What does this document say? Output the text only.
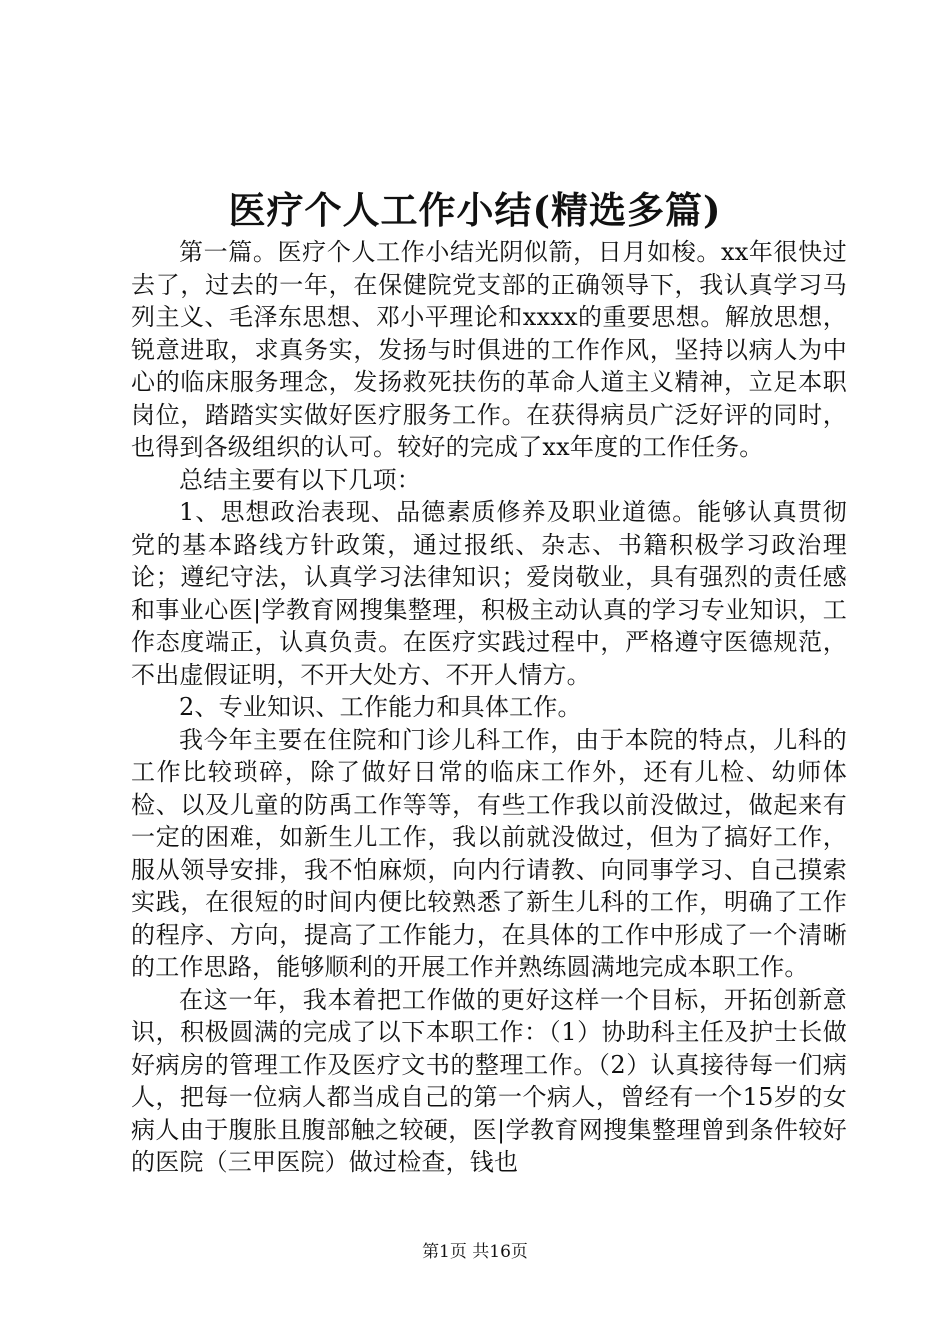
医疗个人工作小结(精选多篇)

第一篇。医疗个人工作小结光阴似箭，日月如梭。xx年很快过去了，过去的一年，在保健院党支部的正确领导下，我认真学习马列主义、毛泽东思想、邓小平理论和xxxx的重要思想。解放思想，锐意进取，求真务实，发扬与时俱进的工作作风，坚持以病人为中心的临床服务理念，发扬救死扶伤的革命人道主义精神，立足本职岗位，踏踏实实做好医疗服务工作。在获得病员广泛好评的同时，也得到各级组织的认可。较好的完成了xx年度的工作任务。

总结主要有以下几项：

1、思想政治表现、品德素质修养及职业道德。能够认真贯彻党的基本路线方针政策，通过报纸、杂志、书籍积极学习政治理论；遵纪守法，认真学习法律知识；爱岗敬业，具有强烈的责任感和事业心医|学教育网搜集整理，积极主动认真的学习专业知识，工作态度端正，认真负责。在医疗实践过程中，严格遵守医德规范，不出虚假证明，不开大处方、不开人情方。

2、专业知识、工作能力和具体工作。

我今年主要在住院和门诊儿科工作，由于本院的特点，儿科的工作比较琐碎，除了做好日常的临床工作外，还有儿检、幼师体检、以及儿童的防禹工作等等，有些工作我以前没做过，做起来有一定的困难，如新生儿工作，我以前就没做过，但为了搞好工作，服从领导安排，我不怕麻烦，向内行请教、向同事学习、自己摸索实践，在很短的时间内便比较熟悉了新生儿科的工作，明确了工作的程序、方向，提高了工作能力，在具体的工作中形成了一个清晰的工作思路，能够顺利的开展工作并熟练圆满地完成本职工作。

在这一年，我本着把工作做的更好这样一个目标，开拓创新意识，积极圆满的完成了以下本职工作：（1）协助科主任及护士长做好病房的管理工作及医疗文书的整理工作。（2）认真接待每一们病人，把每一位病人都当成自己的第一个病人，曾经有一个15岁的女病人由于腹胀且腹部触之较硬，医|学教育网搜集整理曾到条件较好的医院（三甲医院）做过检查，钱也

第1页 共16页
